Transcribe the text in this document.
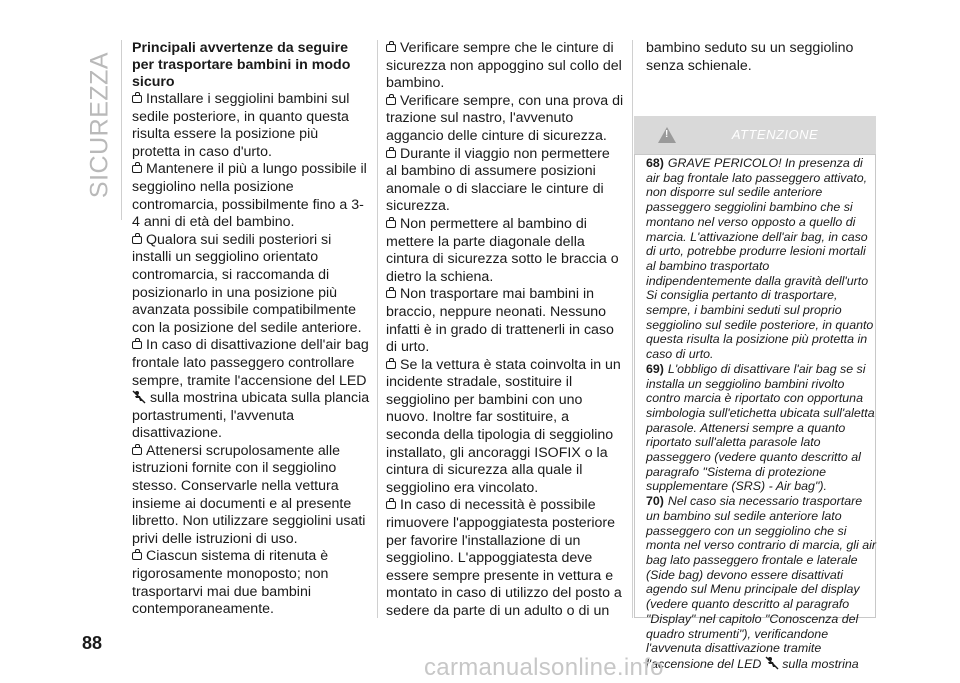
SICUREZZA
Principali avvertenze da seguire per trasportare bambini in modo sicuro

Installare i seggiolini bambini sul sedile posteriore, in quanto questa risulta essere la posizione più protetta in caso d'urto.

Mantenere il più a lungo possibile il seggiolino nella posizione contromarcia, possibilmente fino a 3-4 anni di età del bambino.

Qualora sui sedili posteriori si installi un seggiolino orientato contromarcia, si raccomanda di posizionarlo in una posizione più avanzata possibile compatibilmente con la posizione del sedile anteriore.

In caso di disattivazione dell'air bag frontale lato passeggero controllare sempre, tramite l'accensione del LED  sulla mostrina ubicata sulla plancia portastrumenti, l'avvenuta disattivazione.

Attenersi scrupolosamente alle istruzioni fornite con il seggiolino stesso. Conservarle nella vettura insieme ai documenti e al presente libretto. Non utilizzare seggiolini usati privi delle istruzioni di uso.

Ciascun sistema di ritenuta è rigorosamente monoposto; non trasportarvi mai due bambini contemporaneamente.

Verificare sempre che le cinture di sicurezza non appoggino sul collo del bambino.

Verificare sempre, con una prova di trazione sul nastro, l'avvenuto aggancio delle cinture di sicurezza.

Durante il viaggio non permettere al bambino di assumere posizioni anomale o di slacciare le cinture di sicurezza.

Non permettere al bambino di mettere la parte diagonale della cintura di sicurezza sotto le braccia o dietro la schiena.

Non trasportare mai bambini in braccio, neppure neonati. Nessuno infatti è in grado di trattenerli in caso di urto.

Se la vettura è stata coinvolta in un incidente stradale, sostituire il seggiolino per bambini con uno nuovo. Inoltre far sostituire, a seconda della tipologia di seggiolino installato, gli ancoraggi ISOFIX o la cintura di sicurezza alla quale il seggiolino era vincolato.

In caso di necessità è possibile rimuovere l'appoggiatesta posteriore per favorire l'installazione di un seggiolino. L'appoggiatesta deve essere sempre presente in vettura e montato in caso di utilizzo del posto a sedere da parte di un adulto o di un

bambino seduto su un seggiolino senza schienale.

!
ATTENZIONE

68) GRAVE PERICOLO! In presenza di air bag frontale lato passeggero attivato, non disporre sul sedile anteriore passeggero seggiolini bambino che si montano nel verso opposto a quello di marcia. L'attivazione dell'air bag, in caso di urto, potrebbe produrre lesioni mortali al bambino trasportato indipendentemente dalla gravità dell'urto Si consiglia pertanto di trasportare, sempre, i bambini seduti sul proprio seggiolino sul sedile posteriore, in quanto questa risulta la posizione più protetta in caso di urto.

69) L'obbligo di disattivare l'air bag se si installa un seggiolino bambini rivolto contro marcia è riportato con opportuna simbologia sull'etichetta ubicata sull'aletta parasole. Attenersi sempre a quanto riportato sull'aletta parasole lato passeggero (vedere quanto descritto al paragrafo "Sistema di protezione supplementare (SRS) - Air bag").

70) Nel caso sia necessario trasportare un bambino sul sedile anteriore lato passeggero con un seggiolino che si monta nel verso contrario di marcia, gli air bag lato passeggero frontale e laterale (Side bag) devono essere disattivati agendo sul Menu principale del display (vedere quanto descritto al paragrafo "Display" nel capitolo "Conoscenza del quadro strumenti"), verificandone l'avvenuta disattivazione tramite l'accensione del LED sulla mostrina

88
carmanualsonline.info
